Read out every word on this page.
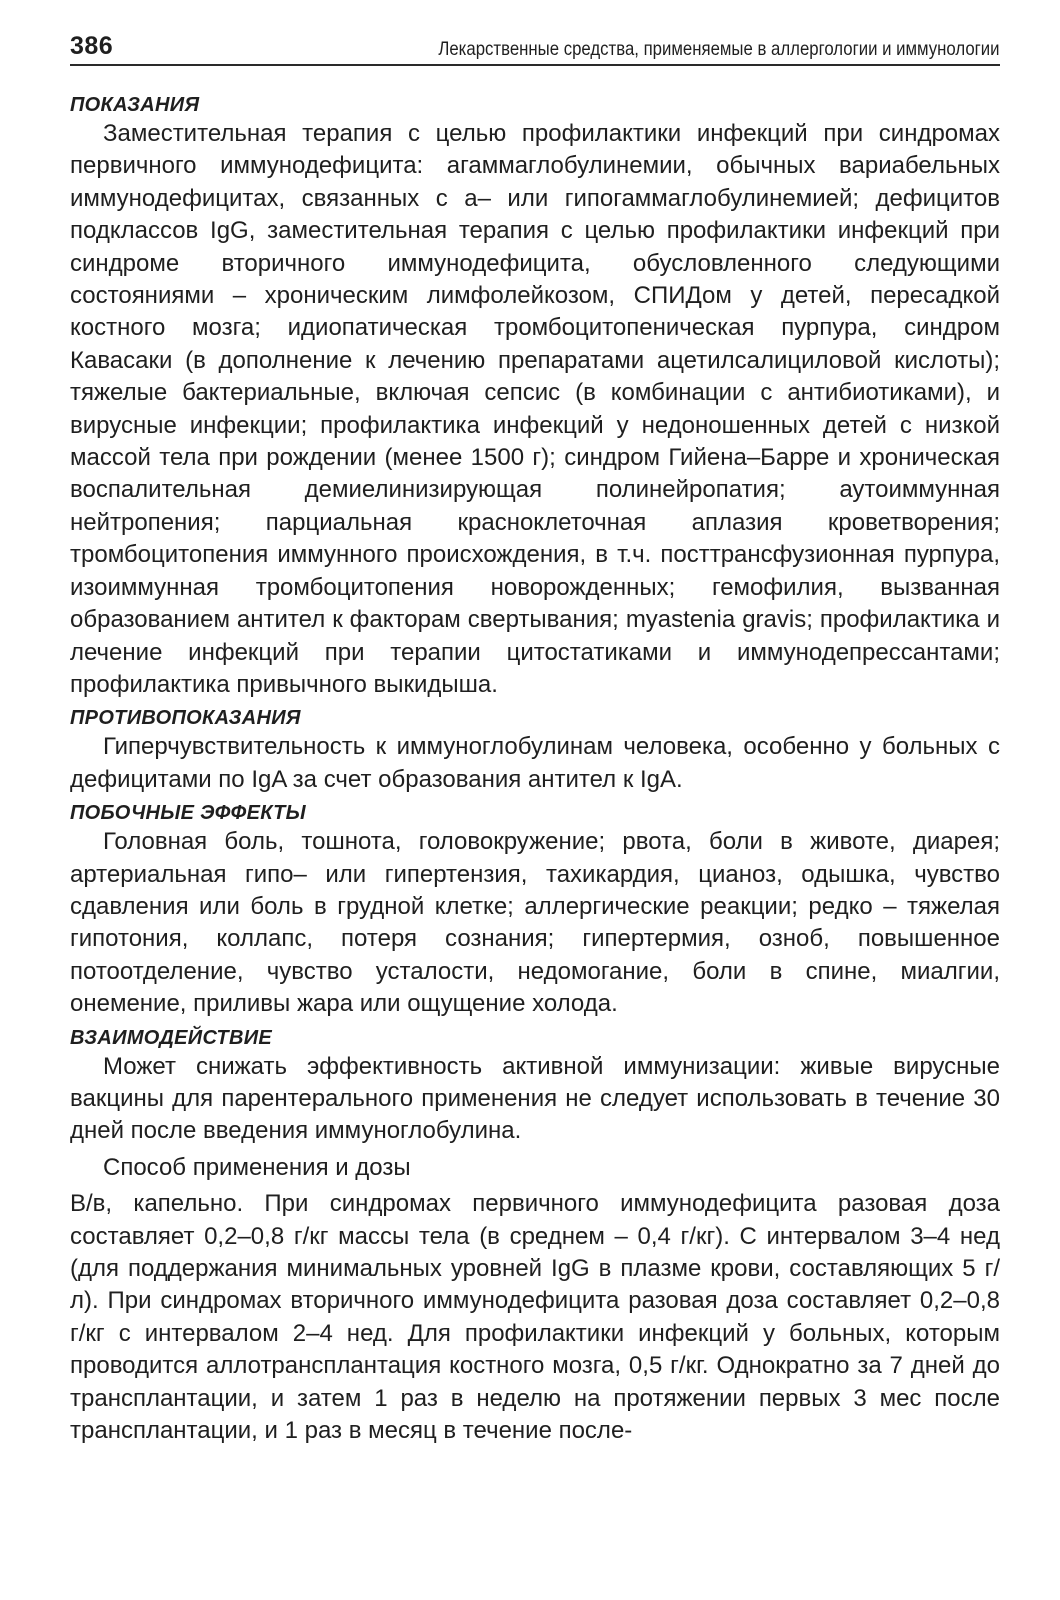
386	Лекарственные средства, применяемые в аллергологии и иммунологии
ПОКАЗАНИЯ

Заместительная терапия с целью профилактики инфекций при синдромах первичного иммунодефицита: агаммаглобулинемии, обычных вариабельных иммунодефицитах, связанных с а– или гипогаммаглобулинемией; дефицитов подклассов IgG, заместительная терапия с целью профилактики инфекций при синдроме вторичного иммунодефицита, обусловленного следующими состояниями – хроническим лимфолейкозом, СПИДом у детей, пересадкой костного мозга; идиопатическая тромбоцитопеническая пурпура, синдром Кавасаки (в дополнение к лечению препаратами ацетилсалициловой кислоты); тяжелые бактериальные, включая сепсис (в комбинации с антибиотиками), и вирусные инфекции; профилактика инфекций у недоношенных детей с низкой массой тела при рождении (менее 1500 г); синдром Гийена–Барре и хроническая воспалительная демиелинизирующая полинейропатия; аутоиммунная нейтропения; парциальная красноклеточная аплазия кроветворения; тромбоцитопения иммунного происхождения, в т.ч. посттрансфузионная пурпура, изоиммунная тромбоцитопения новорожденных; гемофилия, вызванная образованием антител к факторам свертывания; myastenia gravis; профилактика и лечение инфекций при терапии цитостатиками и иммунодепрессантами; профилактика привычного выкидыша.

ПРОТИВОПОКАЗАНИЯ

Гиперчувствительность к иммуноглобулинам человека, особенно у больных с дефицитами по IgA за счет образования антител к IgA.

ПОБОЧНЫЕ ЭФФЕКТЫ

Головная боль, тошнота, головокружение; рвота, боли в животе, диарея; артериальная гипо– или гипертензия, тахикардия, цианоз, одышка, чувство сдавления или боль в грудной клетке; аллергические реакции; редко – тяжелая гипотония, коллапс, потеря сознания; гипертермия, озноб, повышенное потоотделение, чувство усталости, недомогание, боли в спине, миалгии, онемение, приливы жара или ощущение холода.

ВЗАИМОДЕЙСТВИЕ

Может снижать эффективность активной иммунизации: живые вирусные вакцины для парентерального применения не следует использовать в течение 30 дней после введения иммуноглобулина.

Способ применения и дозы

В/в, капельно. При синдромах первичного иммунодефицита разовая доза составляет 0,2–0,8 г/кг массы тела (в среднем – 0,4 г/кг). С интервалом 3–4 нед (для поддержания минимальных уровней IgG в плазме крови, составляющих 5 г/л). При синдромах вторичного иммунодефицита разовая доза составляет 0,2–0,8 г/кг с интервалом 2–4 нед. Для профилактики инфекций у больных, которым проводится аллотрансплантация костного мозга, 0,5 г/кг. Однократно за 7 дней до трансплантации, и затем 1 раз в неделю на протяжении первых 3 мес после трансплантации, и 1 раз в месяц в течение после-
